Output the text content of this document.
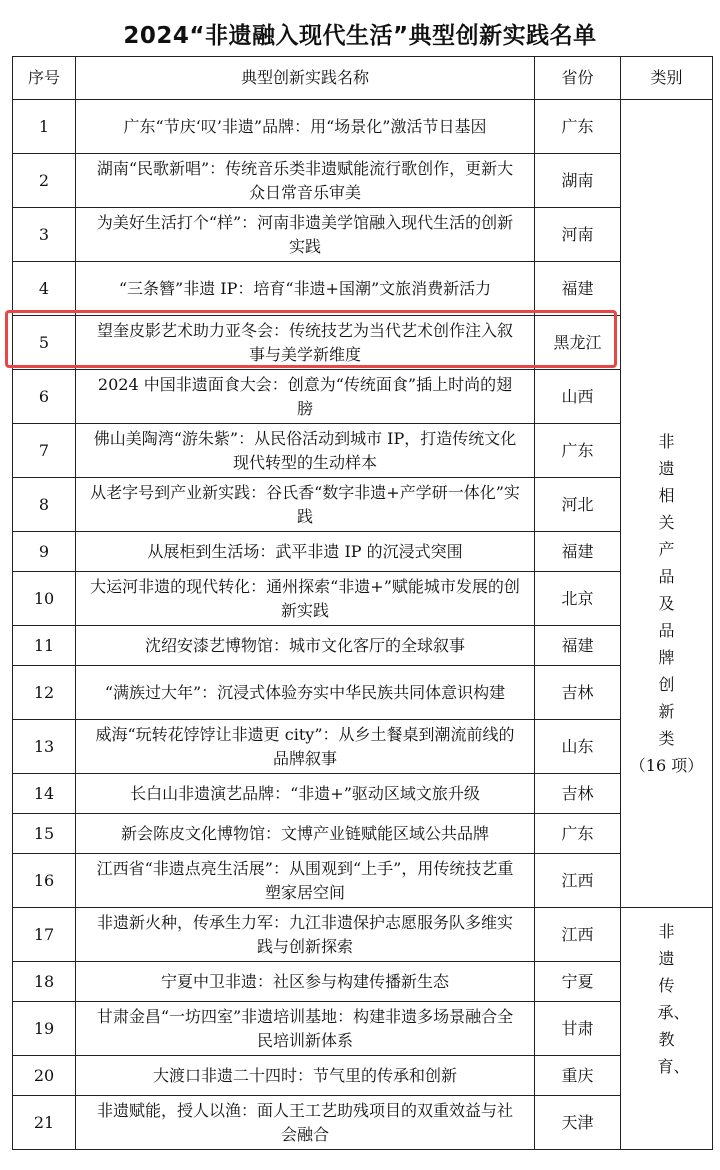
2024“非遗融入现代生活”典型创新实践名单
序号	典型创新实践名称	省份	类别
1	广东“节庆‘叹’非遗”品牌：用“场景化”激活节日基因	广东	非遗相关产品及品牌创新类
（16 项）

2	湖南“民歌新唱”：传统音乐类非遗赋能流行歌创作，更新大众日常音乐审美	湖南	
3	为美好生活打个“样”：河南非遗美学馆融入现代生活的创新实践	河南	
4	“三条簪”非遗 IP：培育“非遗+国潮”文旅消费新活力	福建	
5	望奎皮影艺术助力亚冬会：传统技艺为当代艺术创作注入叙事与美学新维度	黑龙江	
6	2024 中国非遗面食大会：创意为“传统面食”插上时尚的翅膀	山西	
7	佛山美陶湾“游朱紫”：从民俗活动到城市 IP，打造传统文化现代转型的生动样本	广东	
8	从老字号到产业新实践：谷氏香“数字非遗+产学研一体化”实践	河北	
9	从展柜到生活场：武平非遗 IP 的沉浸式突围	福建	
10	大运河非遗的现代转化：通州探索“非遗+”赋能城市发展的创新实践	北京	
11	沈绍安漆艺博物馆：城市文化客厅的全球叙事	福建	
12	“满族过大年”：沉浸式体验夯实中华民族共同体意识构建	吉林	
13	威海“玩转花饽饽让非遗更 city”：从乡土餐桌到潮流前线的品牌叙事	山东	
14	长白山非遗演艺品牌：“非遗+”驱动区域文旅升级	吉林	
15	新会陈皮文化博物馆：文博产业链赋能区域公共品牌	广东	
16	江西省“非遗点亮生活展”：从围观到“上手”，用传统技艺重塑家居空间	江西	
17	非遗新火种，传承生力军：九江非遗保护志愿服务队多维实践与创新探索	江西	非遗传承、教育、

18	宁夏中卫非遗：社区参与构建传播新生态	宁夏	
19	甘肃金昌“一坊四室”非遗培训基地：构建非遗多场景融合全民培训新体系	甘肃	
20	大渡口非遗二十四时：节气里的传承和创新	重庆	
21	非遗赋能，授人以渔：面人王工艺助残项目的双重效益与社会融合	天津	
